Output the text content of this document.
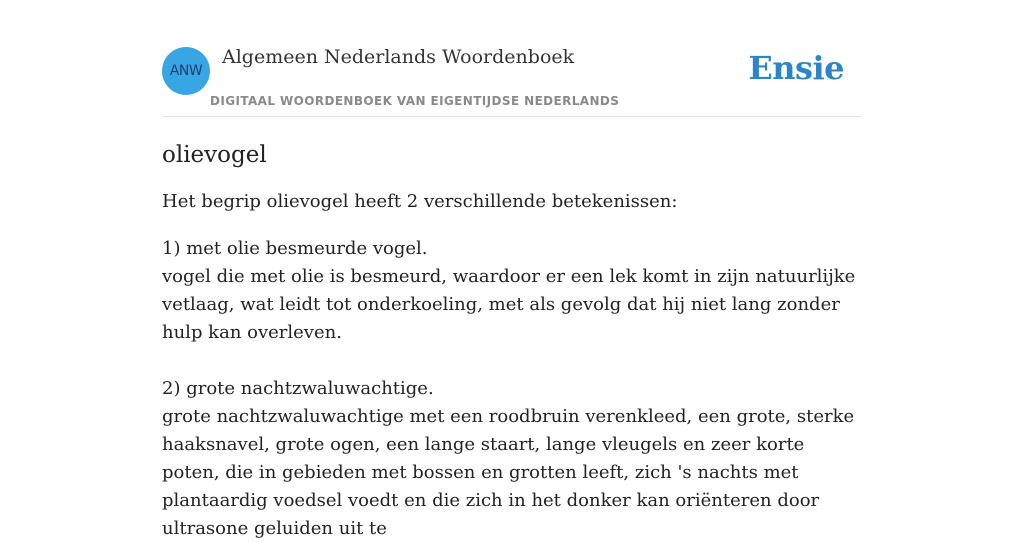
ANW
Algemeen Nederlands Woordenboek
DIGITAAL WOORDENBOEK VAN EIGENTIJDSE NEDERLANDS
Ensie
olievogel

Het begrip olievogel heeft 2 verschillende betekenissen:

1) met olie besmeurde vogel.

vogel die met olie is besmeurd, waardoor er een lek komt in zijn natuurlijke vetlaag, wat leidt tot onderkoeling, met als gevolg dat hij niet lang zonder hulp kan overleven.

2) grote nachtzwaluwachtige.

grote nachtzwaluwachtige met een roodbruin verenkleed, een grote, sterke haaksnavel, grote ogen, een lange staart, lange vleugels en zeer korte poten, die in gebieden met bossen en grotten leeft, zich 's nachts met plantaardig voedsel voedt en die zich in het donker kan oriënteren door ultrasone geluiden uit te
